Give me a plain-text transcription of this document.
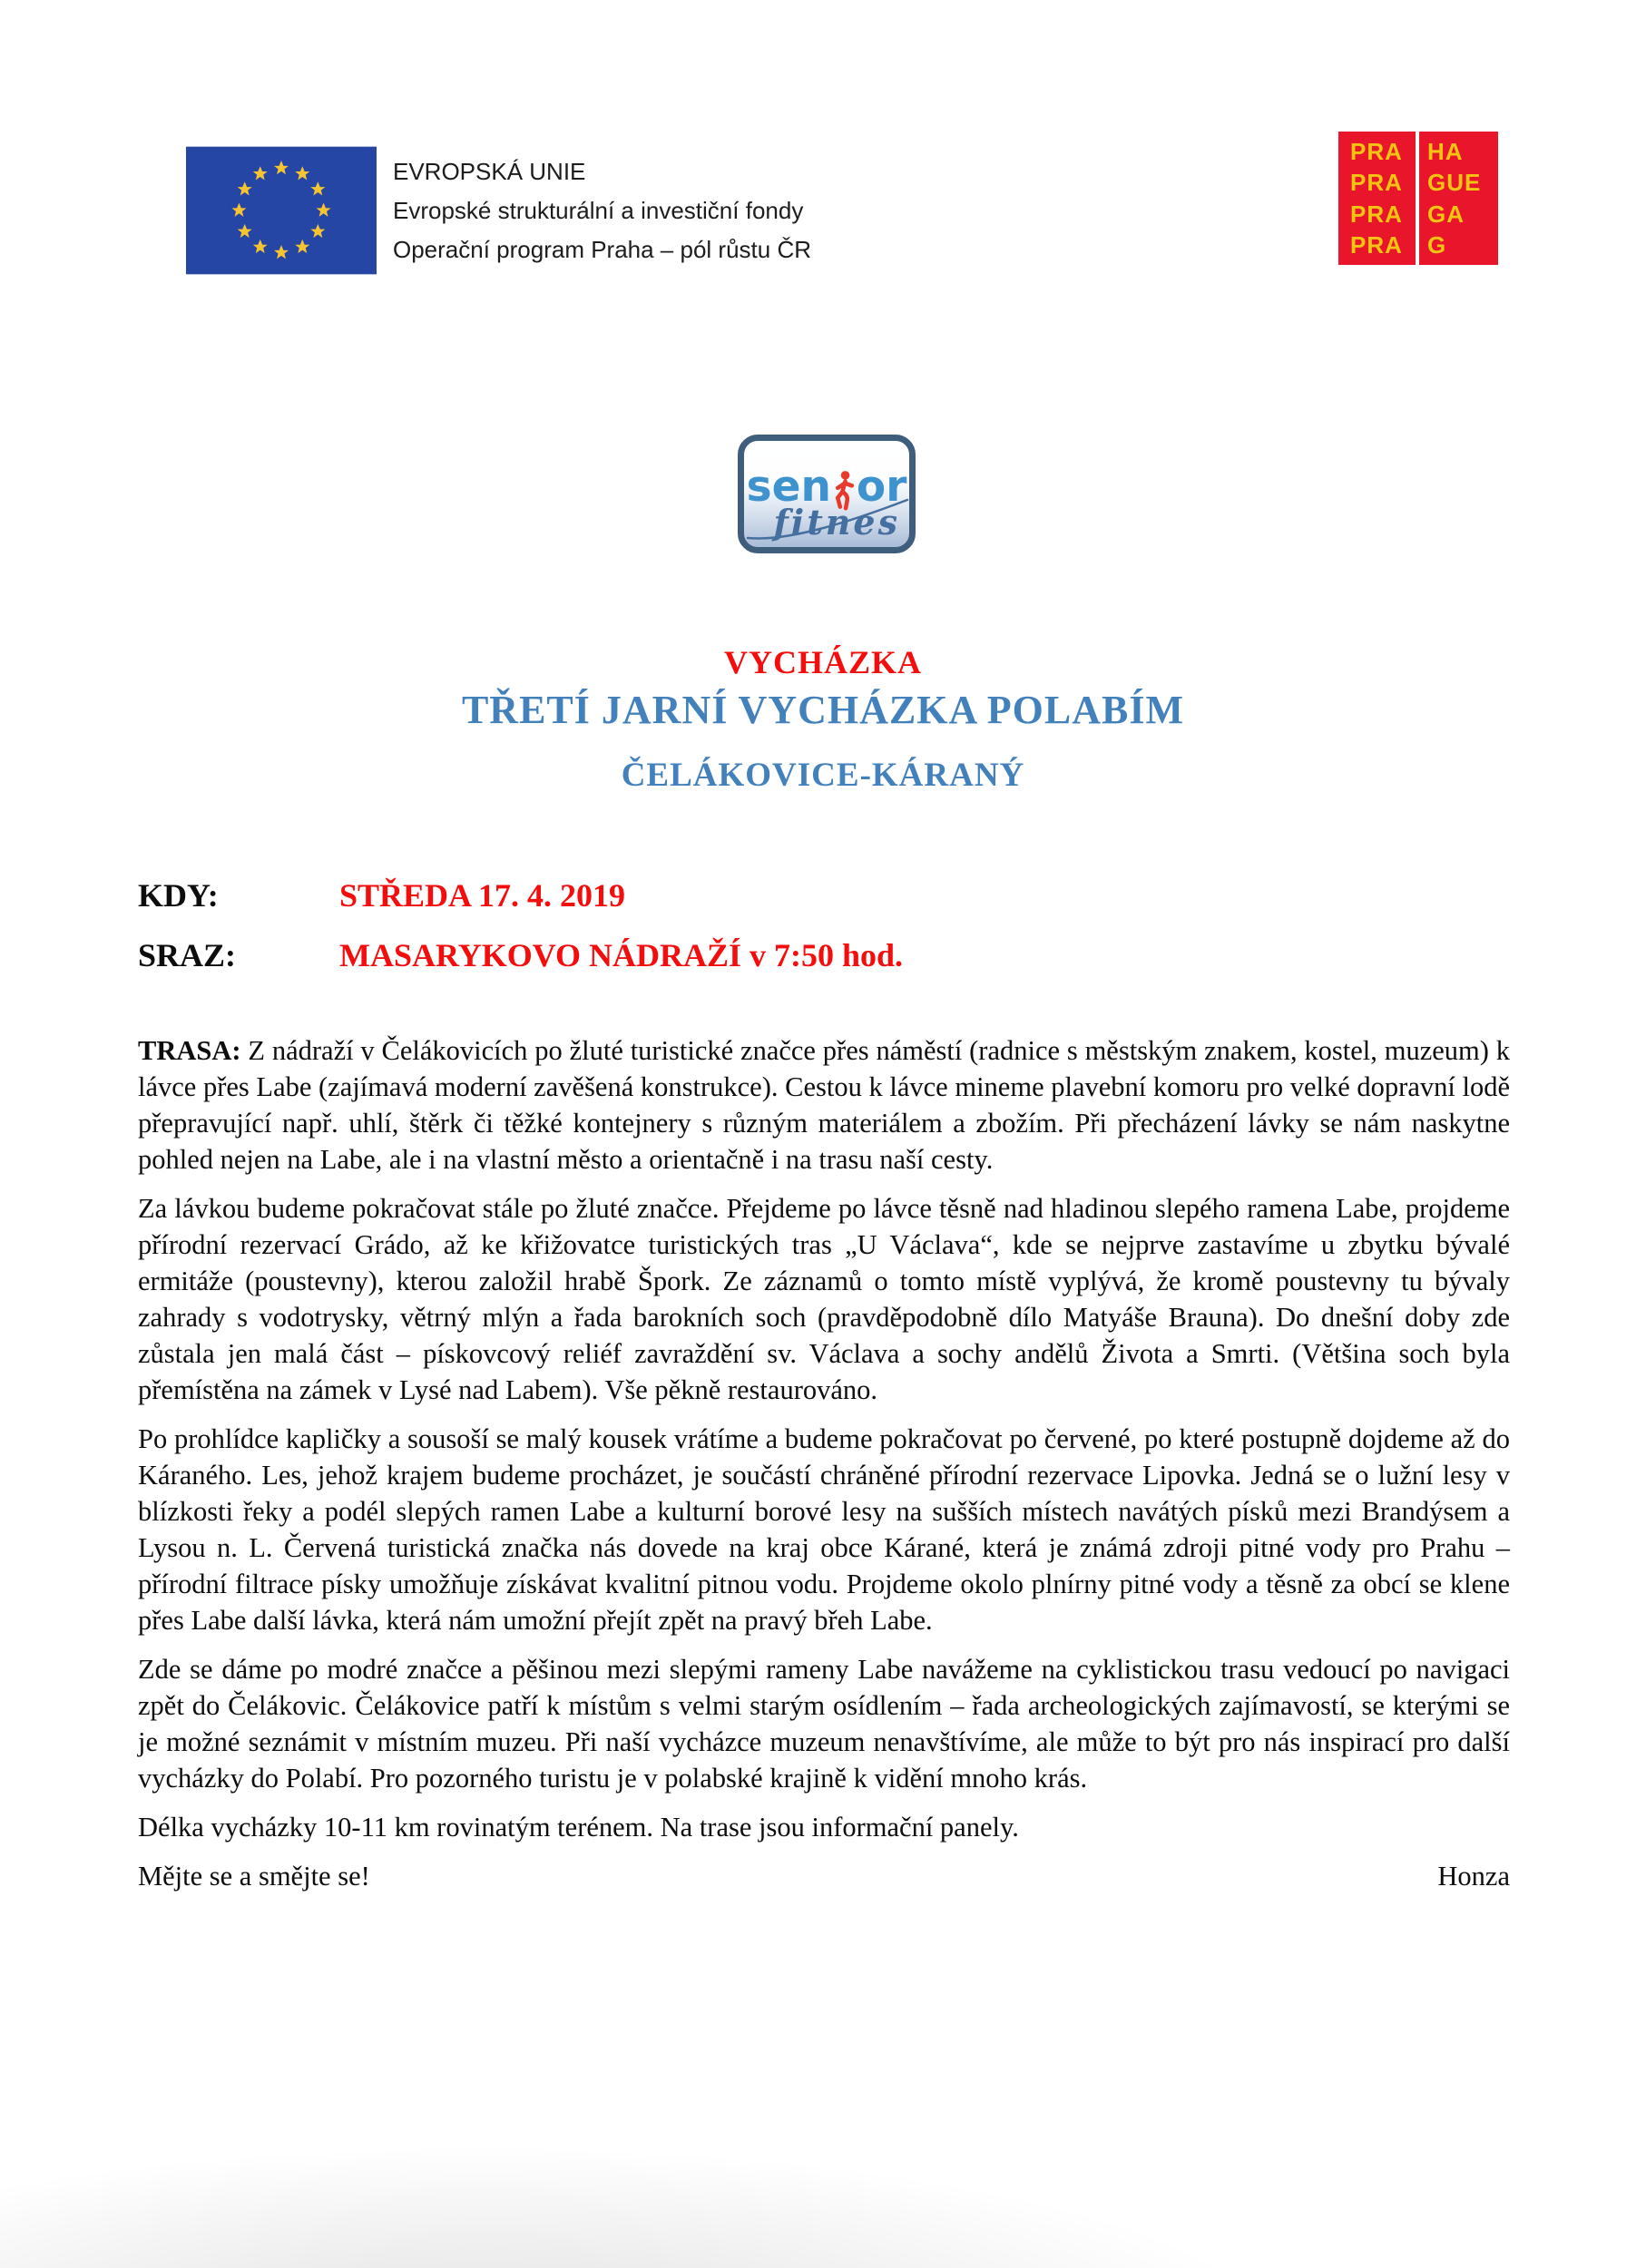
EVROPSKÁ UNIE
Evropské strukturální a investiční fondy
Operační program Praha – pól růstu ČR
PRA
PRA
PRA
PRA
HA
GUE
GA
G
sen or
fitnes
VYCHÁZKA
TŘETÍ JARNÍ VYCHÁZKA POLABÍM
ČELÁKOVICE-KÁRANÝ
KDY:	STŘEDA 17. 4. 2019
SRAZ:	MASARYKOVO NÁDRAŽÍ v 7:50 hod.

TRASA: Z nádraží v Čelákovicích po žluté turistické značce přes náměstí (radnice s městským znakem, kostel, muzeum) k lávce přes Labe (zajímavá moderní zavěšená konstrukce). Cestou k lávce mineme plavební komoru pro velké dopravní lodě přepravující např. uhlí, štěrk či těžké kontejnery s různým materiálem a zbožím. Při přecházení lávky se nám naskytne pohled nejen na Labe, ale i na vlastní město a orientačně i na trasu naší cesty.

Za lávkou budeme pokračovat stále po žluté značce. Přejdeme po lávce těsně nad hladinou slepého ramena Labe, projdeme přírodní rezervací Grádo, až ke křižovatce turistických tras „U Václava“, kde se nejprve zastavíme u zbytku bývalé ermitáže (poustevny), kterou založil hrabě Špork. Ze záznamů o tomto místě vyplývá, že kromě poustevny tu bývaly zahrady s vodotrysky, větrný mlýn a řada barokních soch (pravděpodobně dílo Matyáše Brauna). Do dnešní doby zde zůstala jen malá část – pískovcový reliéf zavraždění sv. Václava a sochy andělů Života a Smrti. (Většina soch byla přemístěna na zámek v Lysé nad Labem). Vše pěkně restaurováno.

Po prohlídce kapličky a sousoší se malý kousek vrátíme a budeme pokračovat po červené, po které postupně dojdeme až do Káraného. Les, jehož krajem budeme procházet, je součástí chráněné přírodní rezervace Lipovka. Jedná se o lužní lesy v blízkosti řeky a podél slepých ramen Labe a kulturní borové lesy na sušších místech navátých písků mezi Brandýsem a Lysou n. L. Červená turistická značka nás dovede na kraj obce Kárané, která je známá zdroji pitné vody pro Prahu – přírodní filtrace písky umožňuje získávat kvalitní pitnou vodu. Projdeme okolo plnírny pitné vody a těsně za obcí se klene přes Labe další lávka, která nám umožní přejít zpět na pravý břeh Labe.

Zde se dáme po modré značce a pěšinou mezi slepými rameny Labe navážeme na cyklistickou trasu vedoucí po navigaci zpět do Čelákovic. Čelákovice patří k místům s velmi starým osídlením – řada archeologických zajímavostí, se kterými se je možné seznámit v místním muzeu. Při naší vycházce muzeum nenavštívíme, ale může to být pro nás inspirací pro další vycházky do Polabí. Pro pozorného turistu je v polabské krajině k vidění mnoho krás.

Délka vycházky 10-11 km rovinatým terénem. Na trase jsou informační panely.

Mějte se a smějte se!	Honza
